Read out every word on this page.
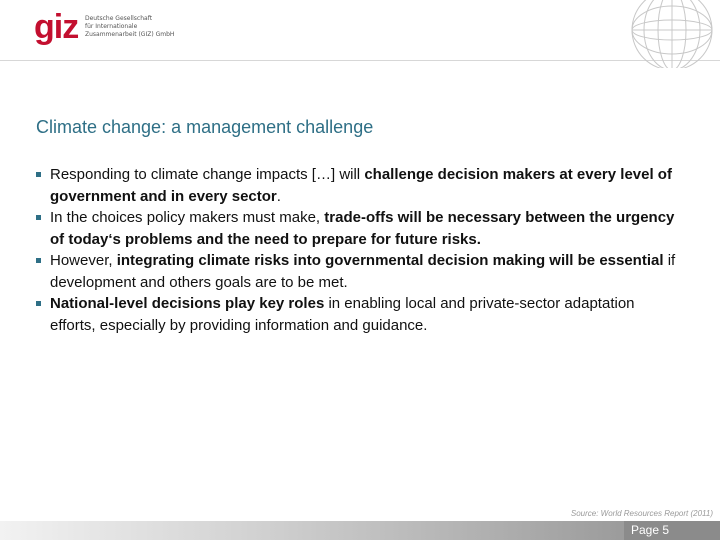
giz Deutsche Gesellschaft
für Internationale
Zusammenarbeit (GIZ) GmbH
Climate change: a management challenge
Responding to climate change impacts […] will challenge decision makers at every level of government and in every sector.
In the choices policy makers must make, trade-offs will be necessary between the urgency of today‘s problems and the need to prepare for future risks.
However, integrating climate risks into governmental decision making will be essential if development and others goals are to be met.
National-level decisions play key roles in enabling local and private-sector adaptation efforts, especially by providing information and guidance.
Source: World Resources Report (2011)
Page 5
